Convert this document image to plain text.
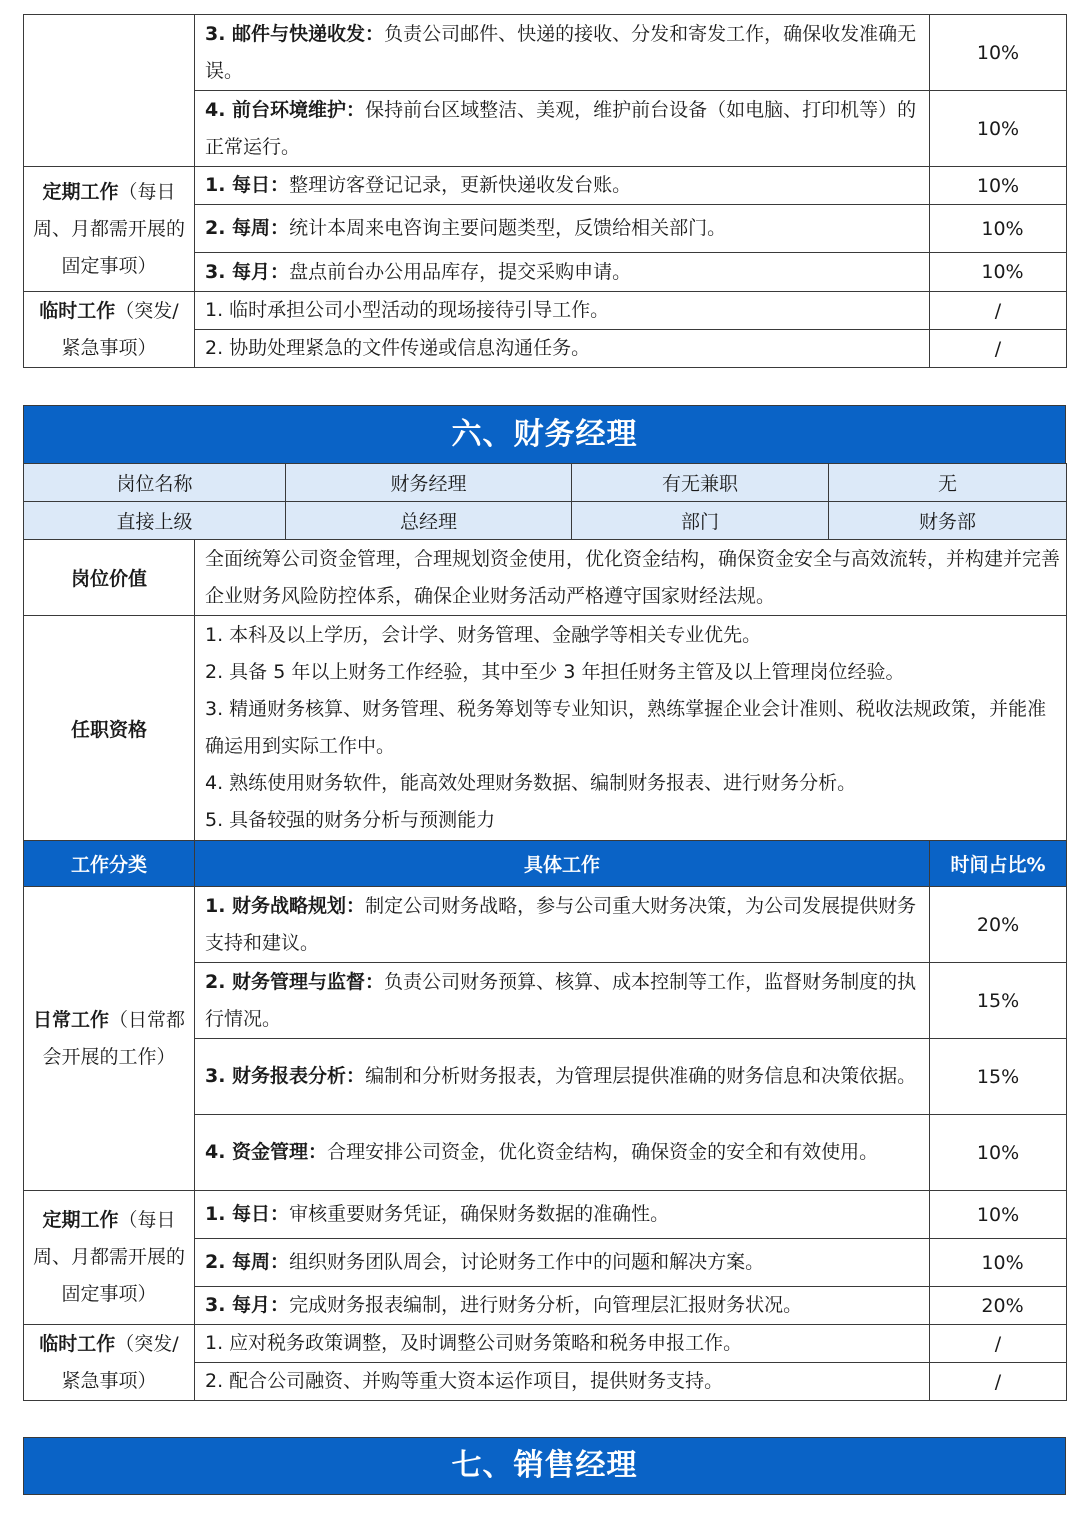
	3. 邮件与快递收发：负责公司邮件、快递的接收、分发和寄发工作，确保收发准确无误。	10%
	4. 前台环境维护：保持前台区域整洁、美观，维护前台设备（如电脑、打印机等）的正常运行。	10%
定期工作（每日周、月都需开展的固定事项）	1. 每日：整理访客登记记录，更新快递收发台账。	10%
	2. 每周：统计本周来电咨询主要问题类型，反馈给相关部门。	10%
	3. 每月：盘点前台办公用品库存，提交采购申请。	10%
临时工作（突发/紧急事项）	1. 临时承担公司小型活动的现场接待引导工作。	/
	2. 协助处理紧急的文件传递或信息沟通任务。	/
六、财务经理
岗位名称	财务经理	有无兼职	无
直接上级	总经理	部门	财务部
岗位价值	全面统筹公司资金管理，合理规划资金使用，优化资金结构，确保资金安全与高效流转，并构建并完善企业财务风险防控体系，确保企业财务活动严格遵守国家财经法规。	
任职资格	1. 本科及以上学历，会计学、财务管理、金融学等相关专业优先。
2. 具备 5 年以上财务工作经验，其中至少 3 年担任财务主管及以上管理岗位经验。
3. 精通财务核算、财务管理、税务筹划等专业知识，熟练掌握企业会计准则、税收法规政策，并能准确运用到实际工作中。
4. 熟练使用财务软件，能高效处理财务数据、编制财务报表、进行财务分析。
5. 具备较强的财务分析与预测能力	

工作分类	具体工作	时间占比%
日常工作（日常都会开展的工作）	1. 财务战略规划：制定公司财务战略，参与公司重大财务决策，为公司发展提供财务支持和建议。	20%
	2. 财务管理与监督：负责公司财务预算、核算、成本控制等工作，监督财务制度的执行情况。	15%
	3. 财务报表分析：编制和分析财务报表，为管理层提供准确的财务信息和决策依据。	15%
	4. 资金管理：合理安排公司资金，优化资金结构，确保资金的安全和有效使用。	10%
定期工作（每日周、月都需开展的固定事项）	1. 每日：审核重要财务凭证，确保财务数据的准确性。	10%
	2. 每周：组织财务团队周会，讨论财务工作中的问题和解决方案。	10%
	3. 每月：完成财务报表编制，进行财务分析，向管理层汇报财务状况。	20%
临时工作（突发/紧急事项）	1. 应对税务政策调整，及时调整公司财务策略和税务申报工作。	/
	2. 配合公司融资、并购等重大资本运作项目，提供财务支持。	/
七、销售经理
